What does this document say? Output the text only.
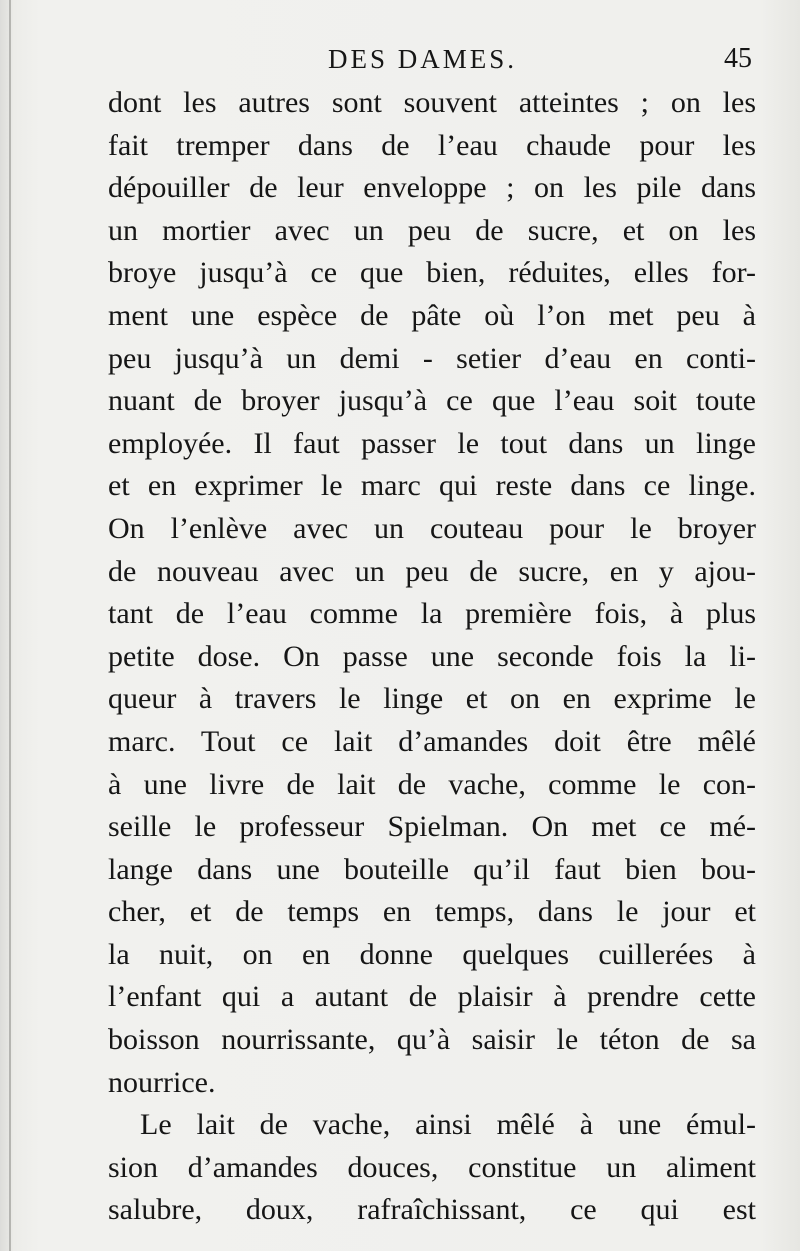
DES DAMES.	45
dont les autres sont souvent atteintes ; on les
fait tremper dans de l’eau chaude pour les
dépouiller de leur enveloppe ; on les pile dans
un mortier avec un peu de sucre, et on les
broye jusqu’à ce que bien, réduites, elles for-
ment une espèce de pâte où l’on met peu à
peu jusqu’à un demi - setier d’eau en conti-
nuant de broyer jusqu’à ce que l’eau soit toute
employée. Il faut passer le tout dans un linge
et en exprimer le marc qui reste dans ce linge.
On l’enlève avec un couteau pour le broyer
de nouveau avec un peu de sucre, en y ajou-
tant de l’eau comme la première fois, à plus
petite dose. On passe une seconde fois la li-
queur à travers le linge et on en exprime le
marc. Tout ce lait d’amandes doit être mêlé
à une livre de lait de vache, comme le con-
seille le professeur Spielman. On met ce mé-
lange dans une bouteille qu’il faut bien bou-
cher, et de temps en temps, dans le jour et
la nuit, on en donne quelques cuillerées à
l’enfant qui a autant de plaisir à prendre cette
boisson nourrissante, qu’à saisir le téton de sa
nourrice.
Le lait de vache, ainsi mêlé à une émul-
sion d’amandes douces, constitue un aliment
salubre, doux, rafraîchissant, ce qui est
